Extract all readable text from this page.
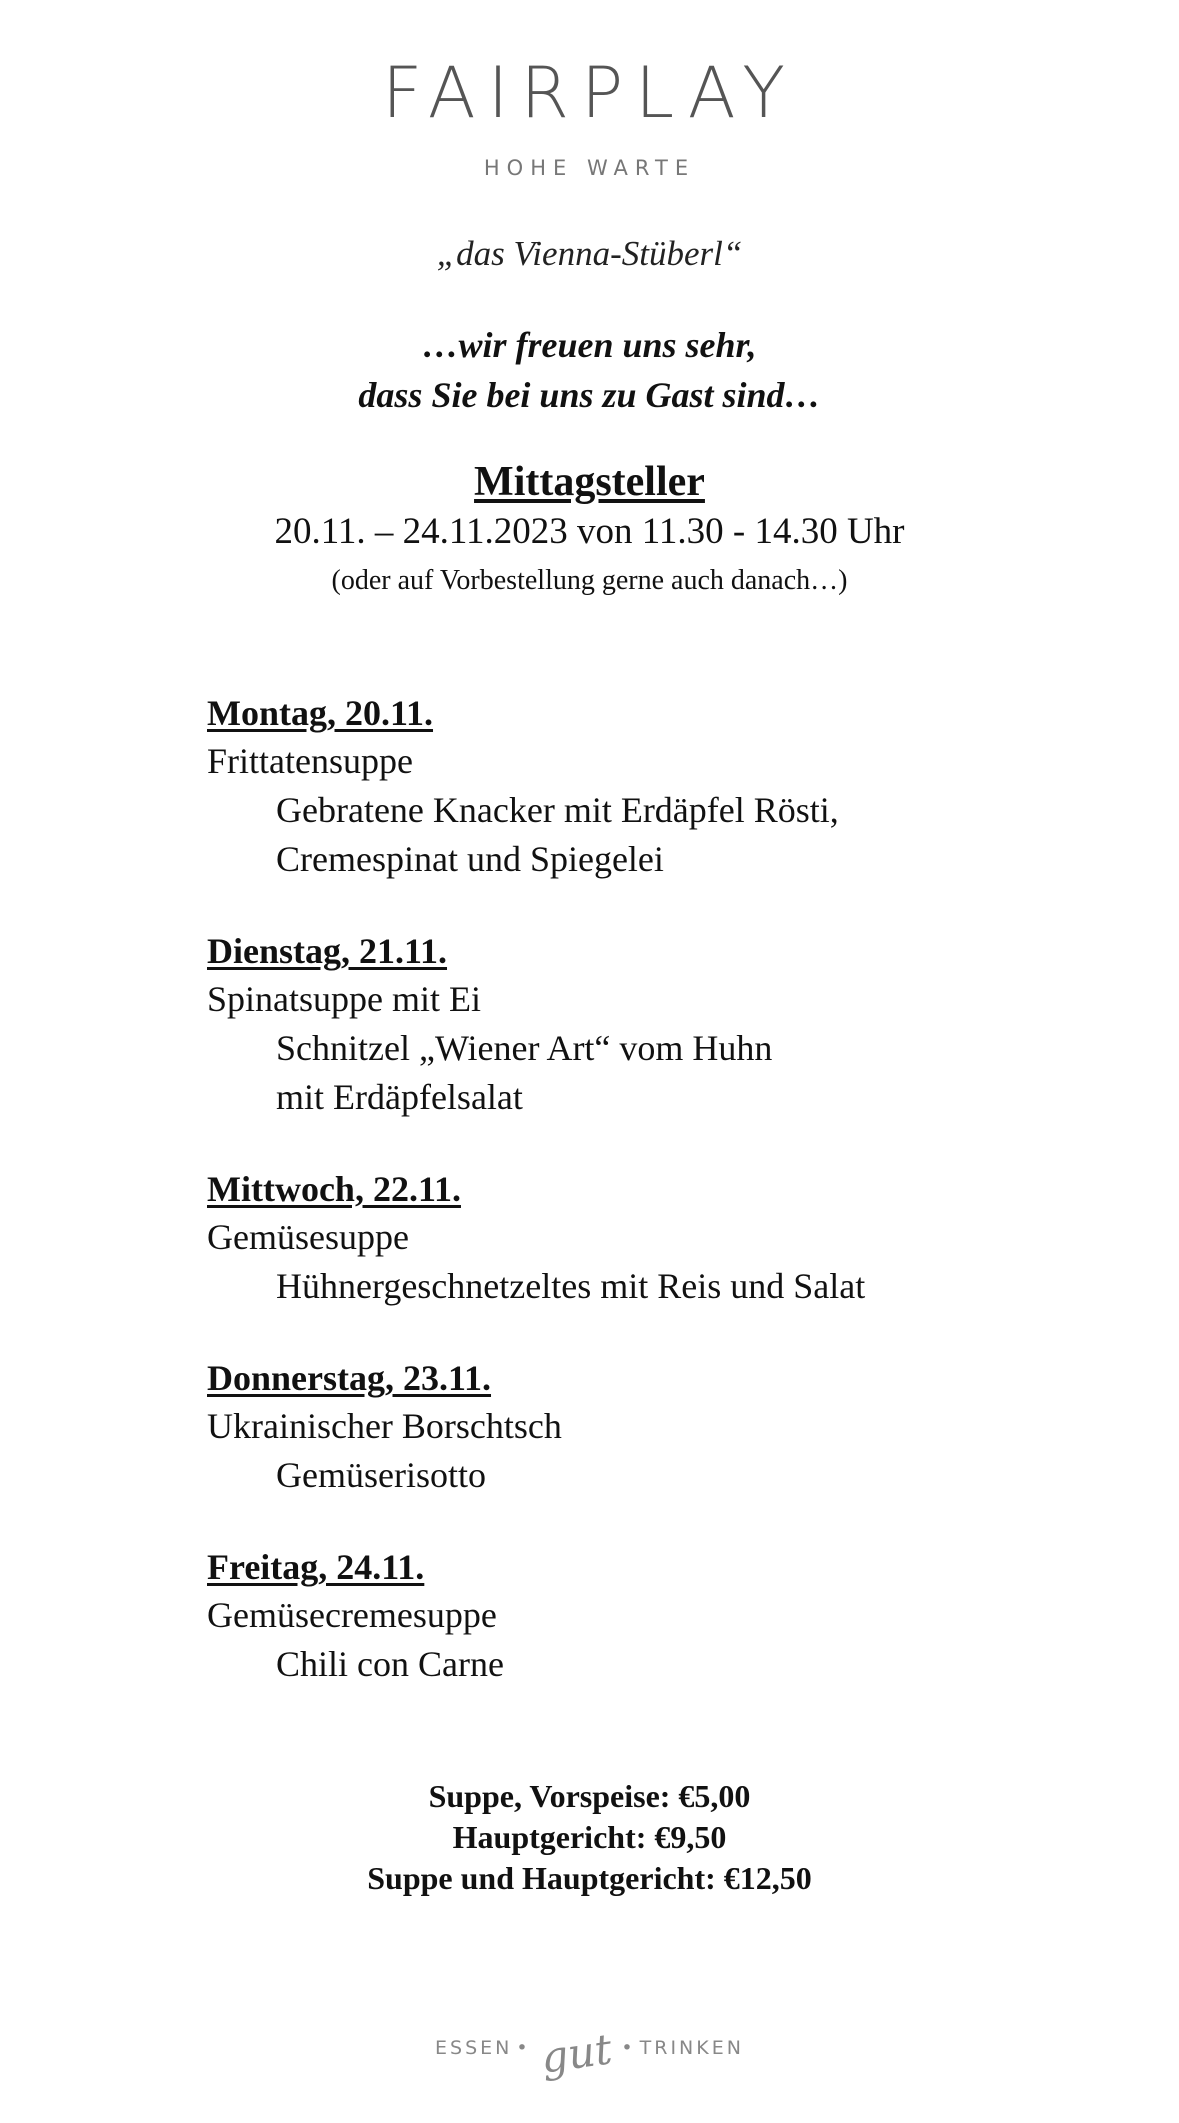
FAIRPLAY
HOHE WARTE
„das Vienna-Stüberl“
…wir freuen uns sehr,
dass Sie bei uns zu Gast sind…
Mittagsteller
20.11. – 24.11.2023 von 11.30 - 14.30 Uhr
(oder auf Vorbestellung gerne auch danach…)
Montag, 20.11.
Frittatensuppe
Gebratene Knacker mit Erdäpfel Rösti,
Cremespinat und Spiegelei
Dienstag, 21.11.
Spinatsuppe mit Ei
Schnitzel „Wiener Art“ vom Huhn
mit Erdäpfelsalat
Mittwoch, 22.11.
Gemüsesuppe
Hühnergeschnetzeltes mit Reis und Salat
Donnerstag, 23.11.
Ukrainischer Borschtsch
Gemüserisotto
Freitag, 24.11.
Gemüsecremesuppe
Chili con Carne
Suppe, Vorspeise: €5,00
Hauptgericht: €9,50
Suppe und Hauptgericht: €12,50
ESSEN • gut • TRINKEN
